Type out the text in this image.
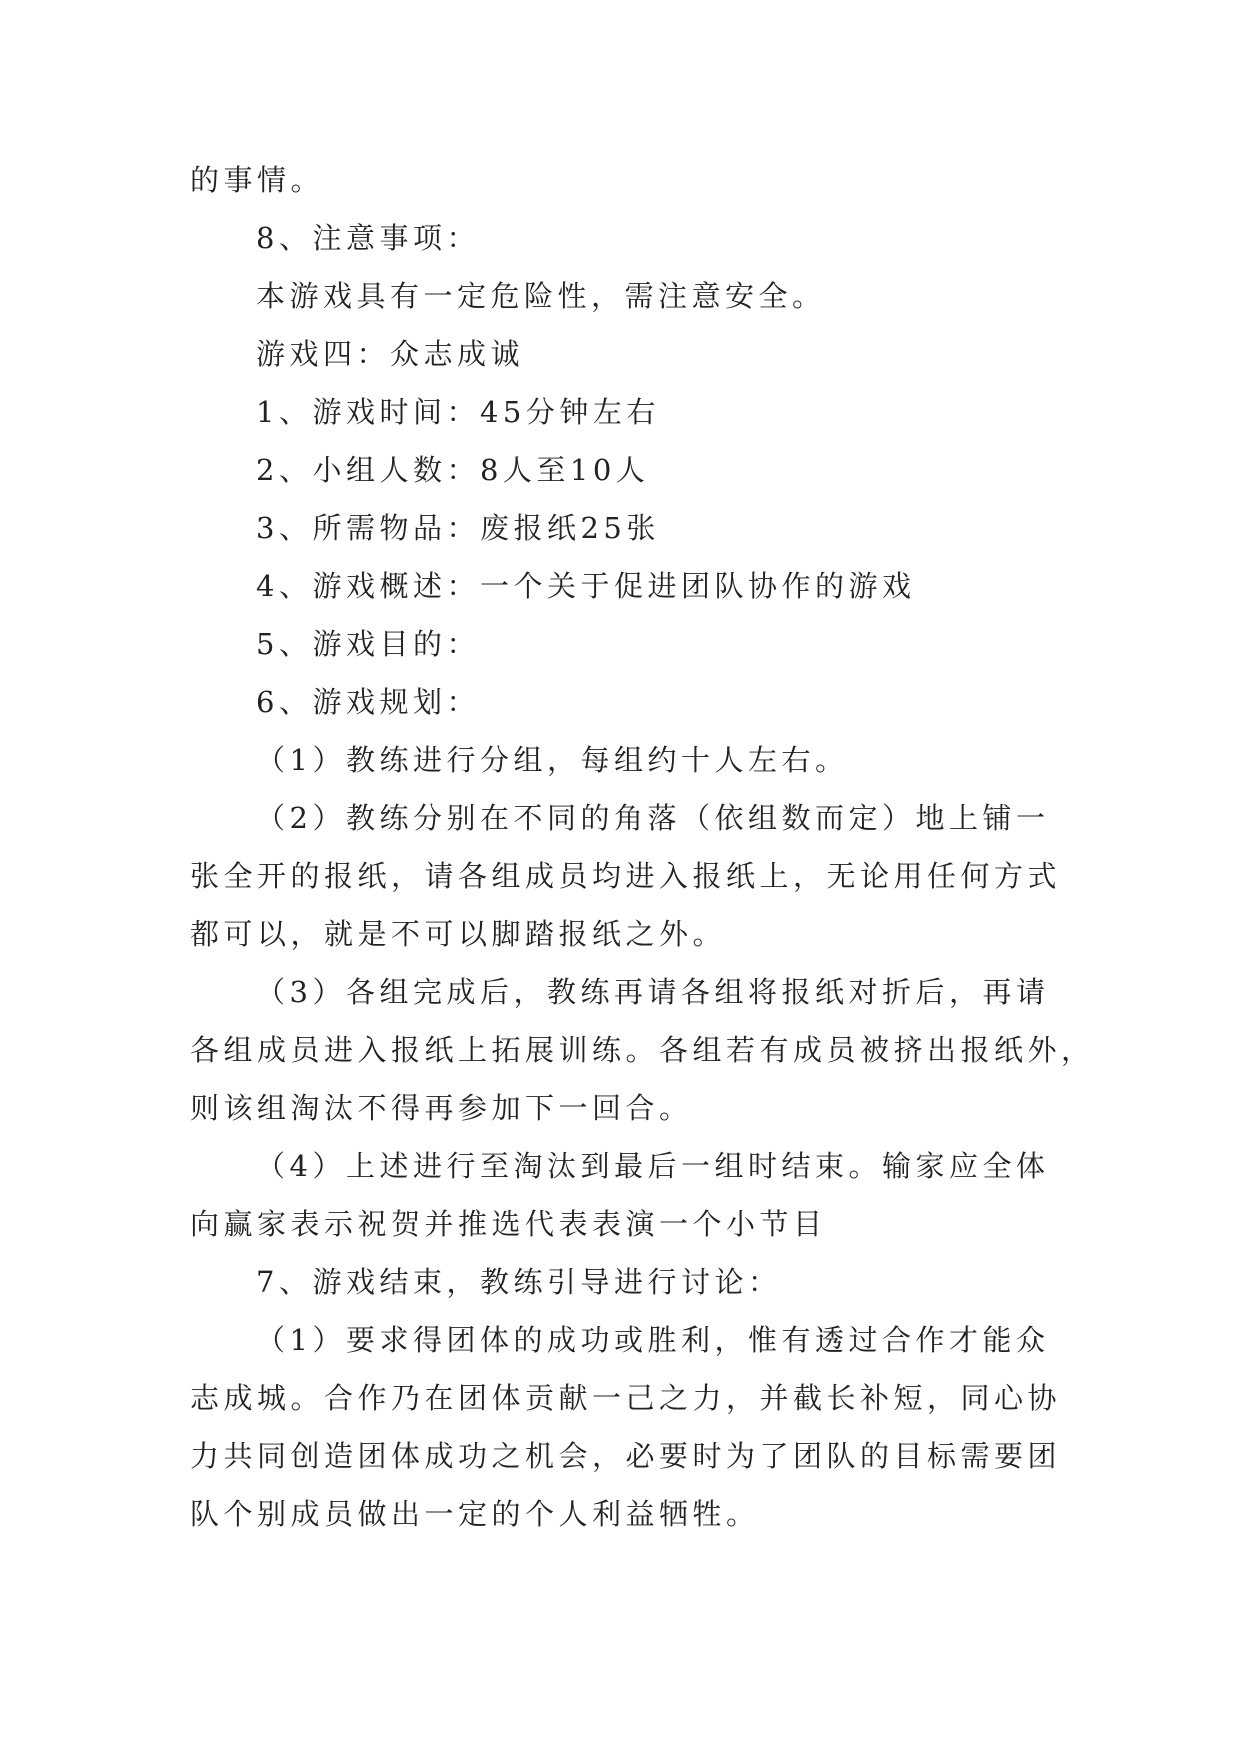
的事情。

8、注意事项：

本游戏具有一定危险性，需注意安全。

游戏四：众志成诚

1、游戏时间：45分钟左右

2、小组人数：8人至10人

3、所需物品：废报纸25张

4、游戏概述：一个关于促进团队协作的游戏

5、游戏目的：

6、游戏规划：

（1）教练进行分组，每组约十人左右。

（2）教练分别在不同的角落（依组数而定）地上铺一

张全开的报纸，请各组成员均进入报纸上，无论用任何方式

都可以，就是不可以脚踏报纸之外。

（3）各组完成后，教练再请各组将报纸对折后，再请

各组成员进入报纸上拓展训练。各组若有成员被挤出报纸外，

则该组淘汰不得再参加下一回合。

（4）上述进行至淘汰到最后一组时结束。输家应全体

向赢家表示祝贺并推选代表表演一个小节目

7、游戏结束，教练引导进行讨论：

（1）要求得团体的成功或胜利，惟有透过合作才能众

志成城。合作乃在团体贡献一己之力，并截长补短，同心协

力共同创造团体成功之机会，必要时为了团队的目标需要团

队个别成员做出一定的个人利益牺牲。
